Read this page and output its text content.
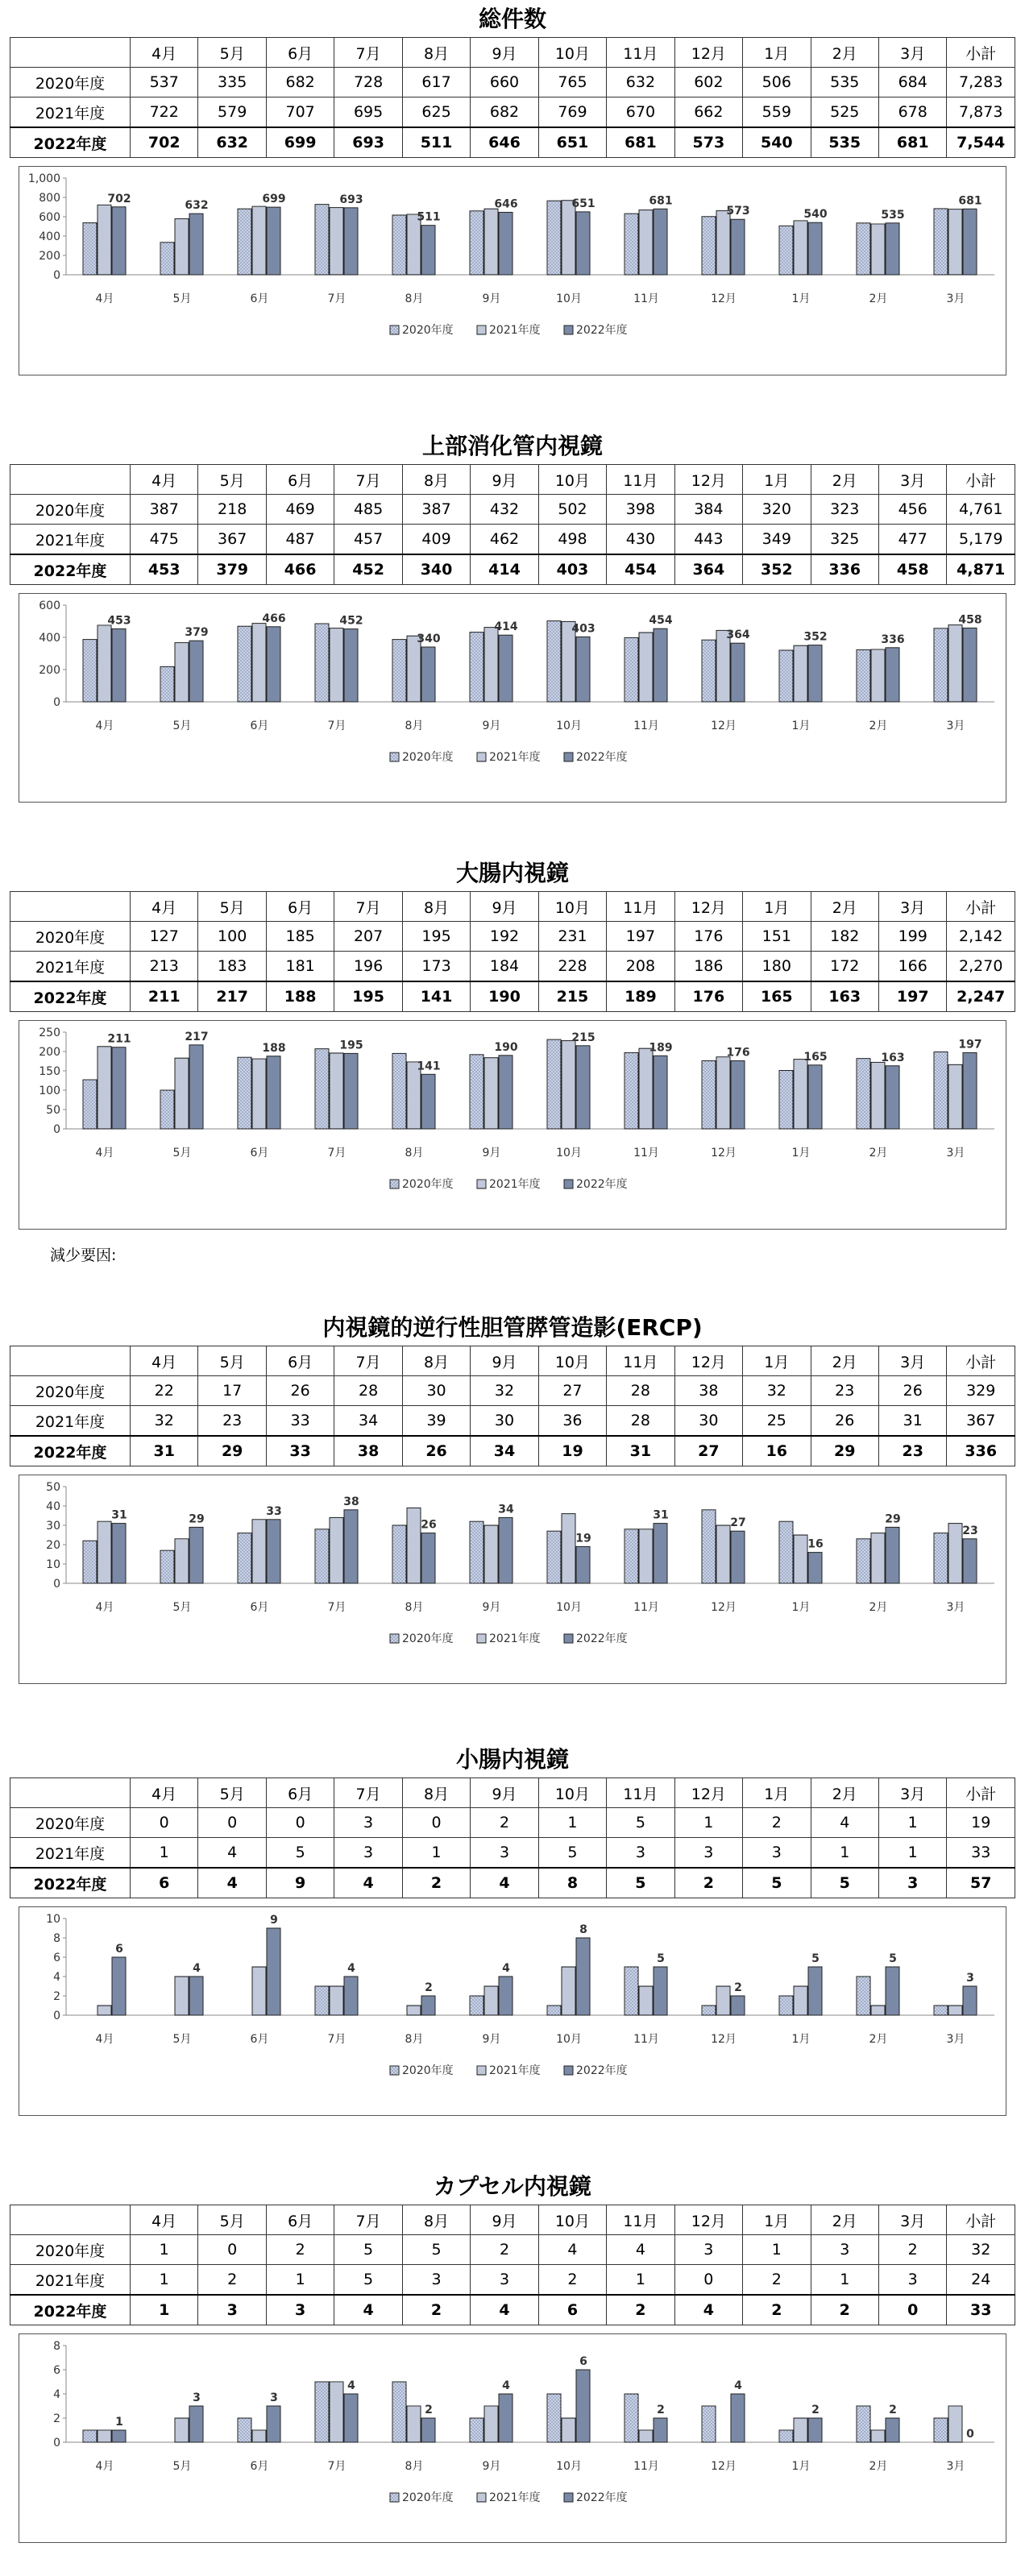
総件数
	4月	5月	6月	7月	8月	9月	10月	11月	12月	1月	2月	3月	小計
2020年度	537	335	682	728	617	660	765	632	602	506	535	684	7,283
2021年度	722	579	707	695	625	682	769	670	662	559	525	678	7,873
2022年度	702	632	699	693	511	646	651	681	573	540	535	681	7,544
0
200
400
600
800
1,000
4月
702
5月
632
6月
699
7月
693
8月
511
9月
646
10月
651
11月
681
12月
573
1月
540
2月
535
3月
681
2020年度	2021年度	2022年度
上部消化管内視鏡
	4月	5月	6月	7月	8月	9月	10月	11月	12月	1月	2月	3月	小計
2020年度	387	218	469	485	387	432	502	398	384	320	323	456	4,761
2021年度	475	367	487	457	409	462	498	430	443	349	325	477	5,179
2022年度	453	379	466	452	340	414	403	454	364	352	336	458	4,871
0
200
400
600
4月
453
5月
379
6月
466
7月
452
8月
340
9月
414
10月
403
11月
454
12月
364
1月
352
2月
336
3月
458
2020年度	2021年度	2022年度
大腸内視鏡
	4月	5月	6月	7月	8月	9月	10月	11月	12月	1月	2月	3月	小計
2020年度	127	100	185	207	195	192	231	197	176	151	182	199	2,142
2021年度	213	183	181	196	173	184	228	208	186	180	172	166	2,270
2022年度	211	217	188	195	141	190	215	189	176	165	163	197	2,247
0
50
100
150
200
250
4月
211
5月
217
6月
188
7月
195
8月
141
9月
190
10月
215
11月
189
12月
176
1月
165
2月
163
3月
197
2020年度	2021年度	2022年度
減少要因:
内視鏡的逆行性胆管膵管造影(ERCP)
	4月	5月	6月	7月	8月	9月	10月	11月	12月	1月	2月	3月	小計
2020年度	22	17	26	28	30	32	27	28	38	32	23	26	329
2021年度	32	23	33	34	39	30	36	28	30	25	26	31	367
2022年度	31	29	33	38	26	34	19	31	27	16	29	23	336
0
10
20
30
40
50
4月
31
5月
29
6月
33
7月
38
8月
26
9月
34
10月
19
11月
31
12月
27
1月
16
2月
29
3月
23
2020年度	2021年度	2022年度
小腸内視鏡
	4月	5月	6月	7月	8月	9月	10月	11月	12月	1月	2月	3月	小計
2020年度	0	0	0	3	0	2	1	5	1	2	4	1	19
2021年度	1	4	5	3	1	3	5	3	3	3	1	1	33
2022年度	6	4	9	4	2	4	8	5	2	5	5	3	57
0
2
4
6
8
10
4月
6
5月
4
6月
9
7月
4
8月
2
9月
4
10月
8
11月
5
12月
2
1月
5
2月
5
3月
3
2020年度	2021年度	2022年度
カプセル内視鏡
	4月	5月	6月	7月	8月	9月	10月	11月	12月	1月	2月	3月	小計
2020年度	1	0	2	5	5	2	4	4	3	1	3	2	32
2021年度	1	2	1	5	3	3	2	1	0	2	1	3	24
2022年度	1	3	3	4	2	4	6	2	4	2	2	0	33
0
2
4
6
8
4月
1
5月
3
6月
3
7月
4
8月
2
9月
4
10月
6
11月
2
12月
4
1月
2
2月
2
3月
0
2020年度	2021年度	2022年度
